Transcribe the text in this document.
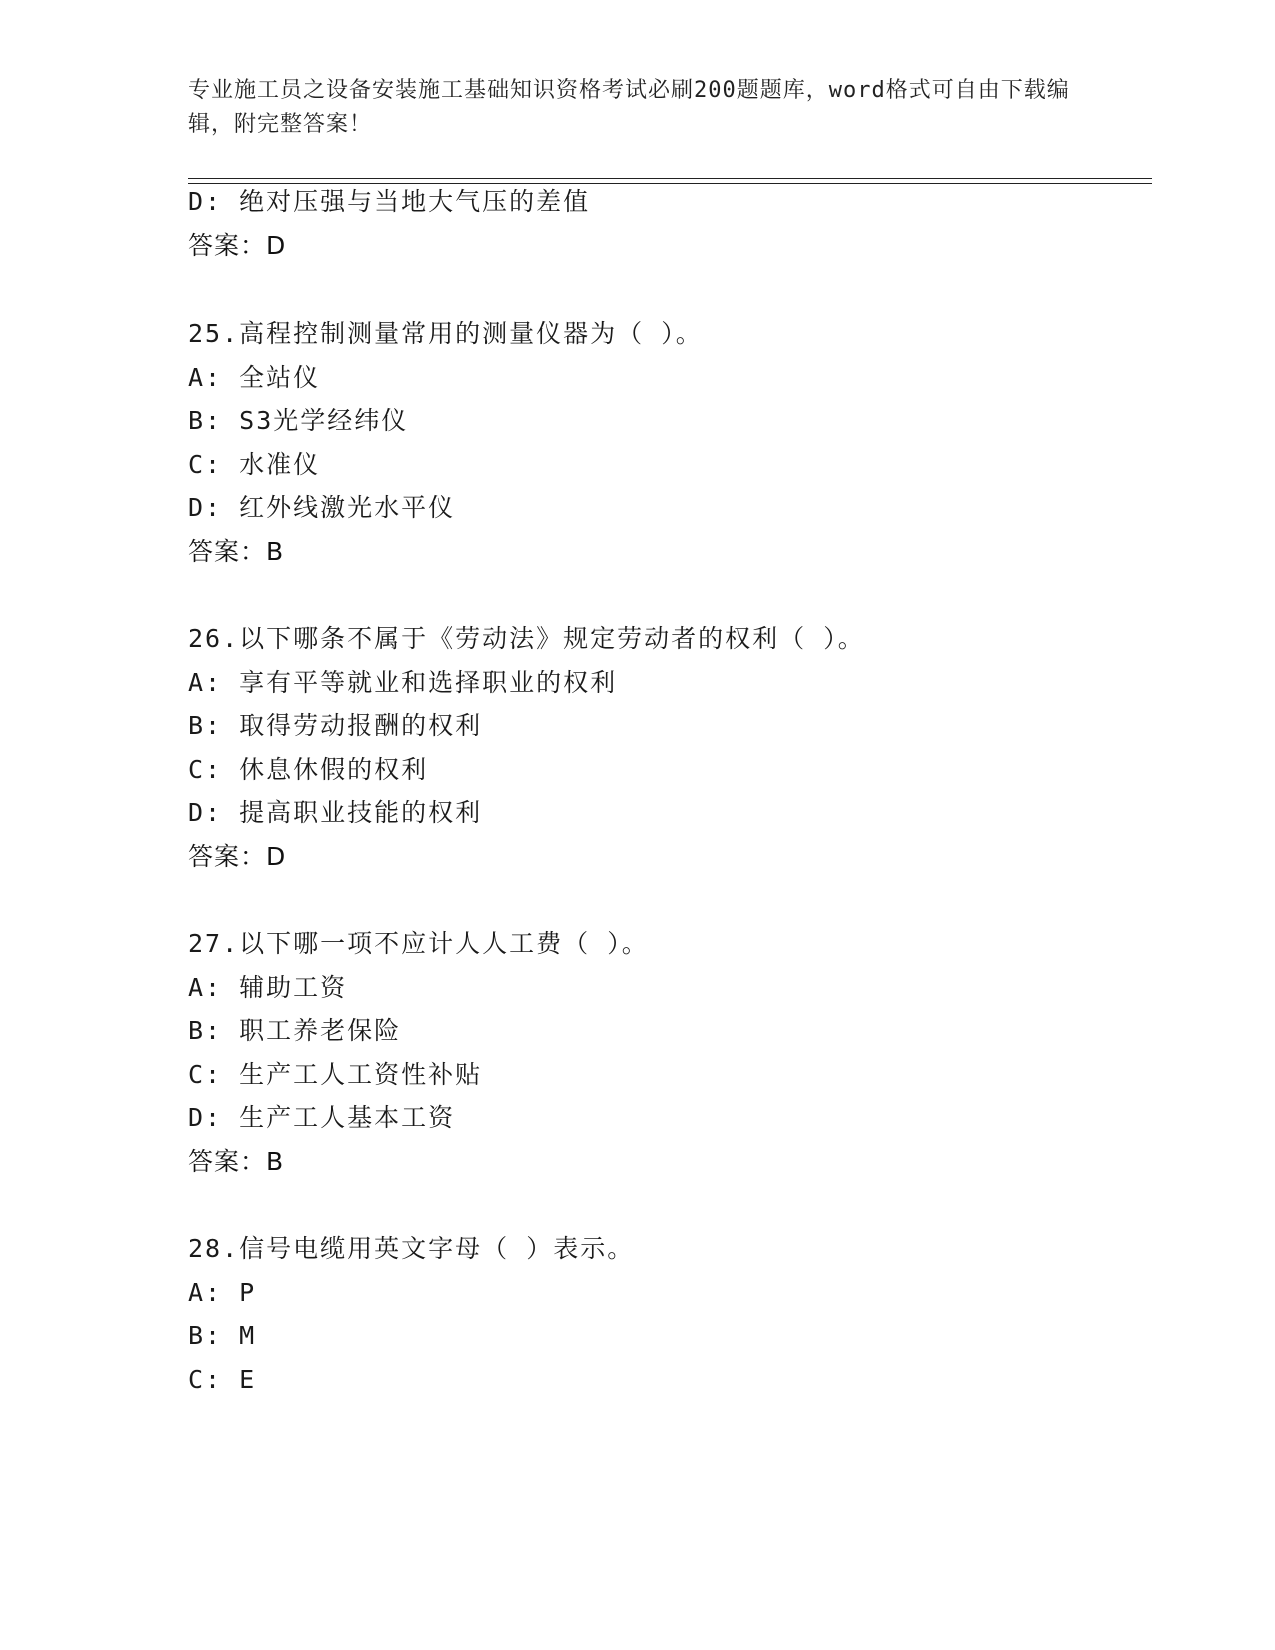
专业施工员之设备安装施工基础知识资格考试必刷200题题库，word格式可自由下载编辑，附完整答案！
D: 绝对压强与当地大气压的差值
答案：D
25.高程控制测量常用的测量仪器为（ ）。
A: 全站仪
B: S3光学经纬仪
C: 水准仪
D: 红外线激光水平仪
答案：B
26.以下哪条不属于《劳动法》规定劳动者的权利（ ）。
A: 享有平等就业和选择职业的权利
B: 取得劳动报酬的权利
C: 休息休假的权利
D: 提高职业技能的权利
答案：D
27.以下哪一项不应计人人工费（ ）。
A: 辅助工资
B: 职工养老保险
C: 生产工人工资性补贴
D: 生产工人基本工资
答案：B
28.信号电缆用英文字母（ ）表示。
A: P
B: M
C: E
